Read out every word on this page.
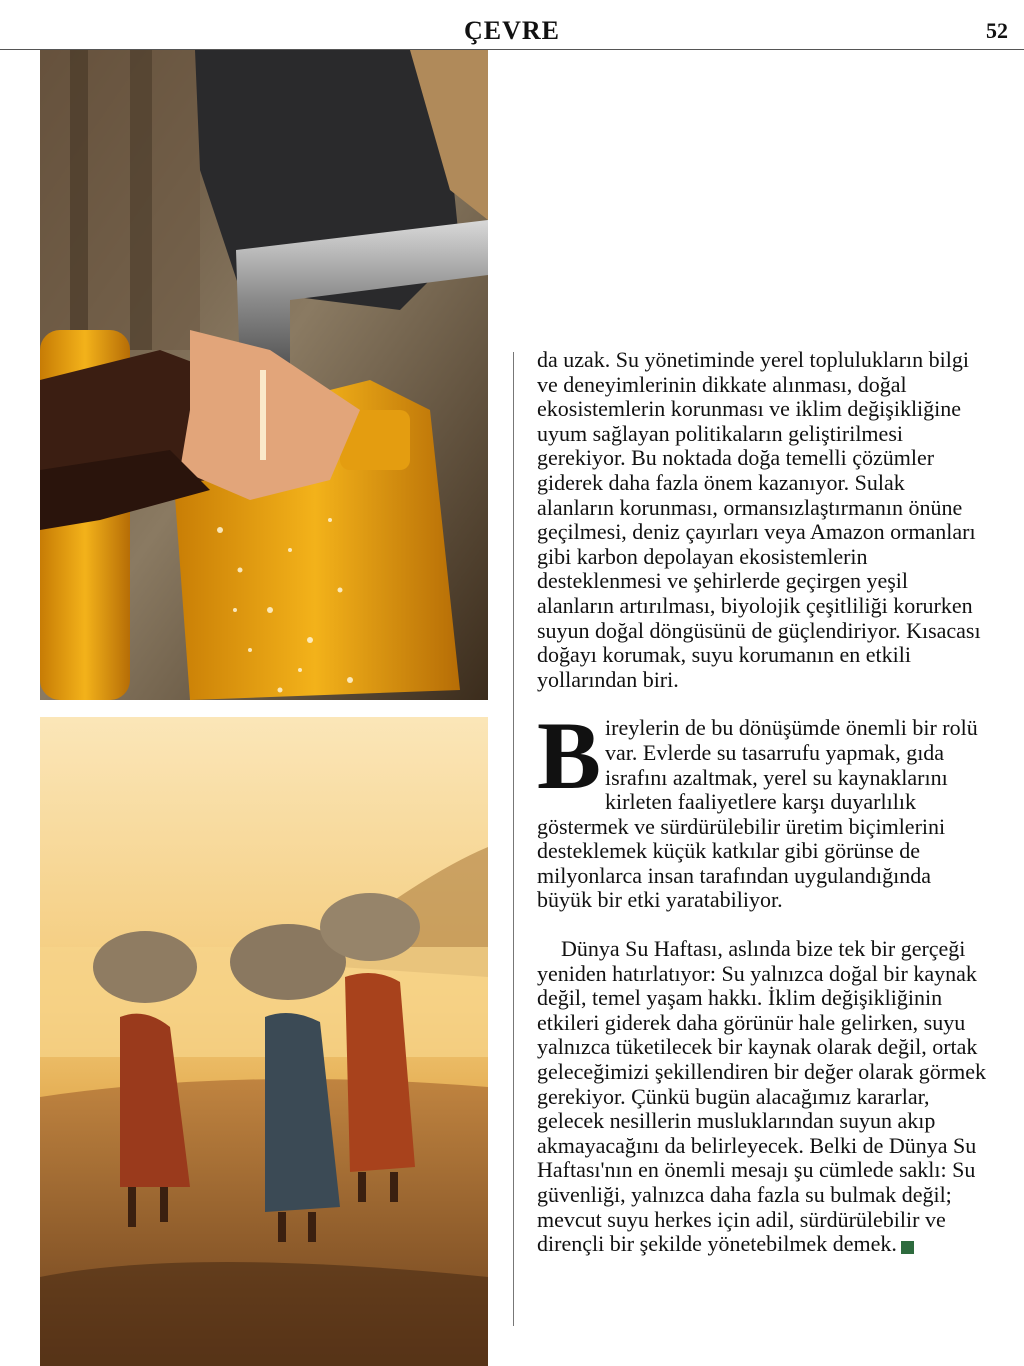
ÇEVRE	52

da uzak. Su yönetiminde yerel toplulukların bilgi ve deneyimlerinin dikkate alınması, doğal ekosistemlerin korunması ve iklim değişikliğine uyum sağlayan politikaların geliştirilmesi gerekiyor. Bu noktada doğa temelli çözümler giderek daha fazla önem kazanıyor. Sulak alanların korunması, ormansızlaştırmanın önüne geçilmesi, deniz çayırları veya Amazon ormanları gibi karbon depolayan ekosistemlerin desteklenmesi ve şehirlerde geçirgen yeşil alanların artırılması, biyolojik çeşitliliği korurken suyun doğal döngüsünü de güçlendiriyor. Kısacası doğayı korumak, suyu korumanın en etkili yollarından biri.

Bireylerin de bu dönüşümde önemli bir rolü var. Evlerde su tasarrufu yapmak, gıda israfını azaltmak, yerel su kaynaklarını kirleten faaliyetlere karşı duyarlılık göstermek ve sürdürülebilir üretim biçimlerini desteklemek küçük katkılar gibi görünse de milyonlarca insan tarafından uygulandığında büyük bir etki yaratabiliyor.

Dünya Su Haftası, aslında bize tek bir gerçeği yeniden hatırlatıyor: Su yalnızca doğal bir kaynak değil, temel yaşam hakkı. İklim değişikliğinin etkileri giderek daha görünür hale gelirken, suyu yalnızca tüketilecek bir kaynak olarak değil, ortak geleceğimizi şekillendiren bir değer olarak görmek gerekiyor. Çünkü bugün alacağımız kararlar, gelecek nesillerin musluklarından suyun akıp akmayacağını da belirleyecek. Belki de Dünya Su Haftası'nın en önemli mesajı şu cümlede saklı: Su güvenliği, yalnızca daha fazla su bulmak değil; mevcut suyu herkes için adil, sürdürülebilir ve dirençli bir şekilde yönetebilmek demek.	M
